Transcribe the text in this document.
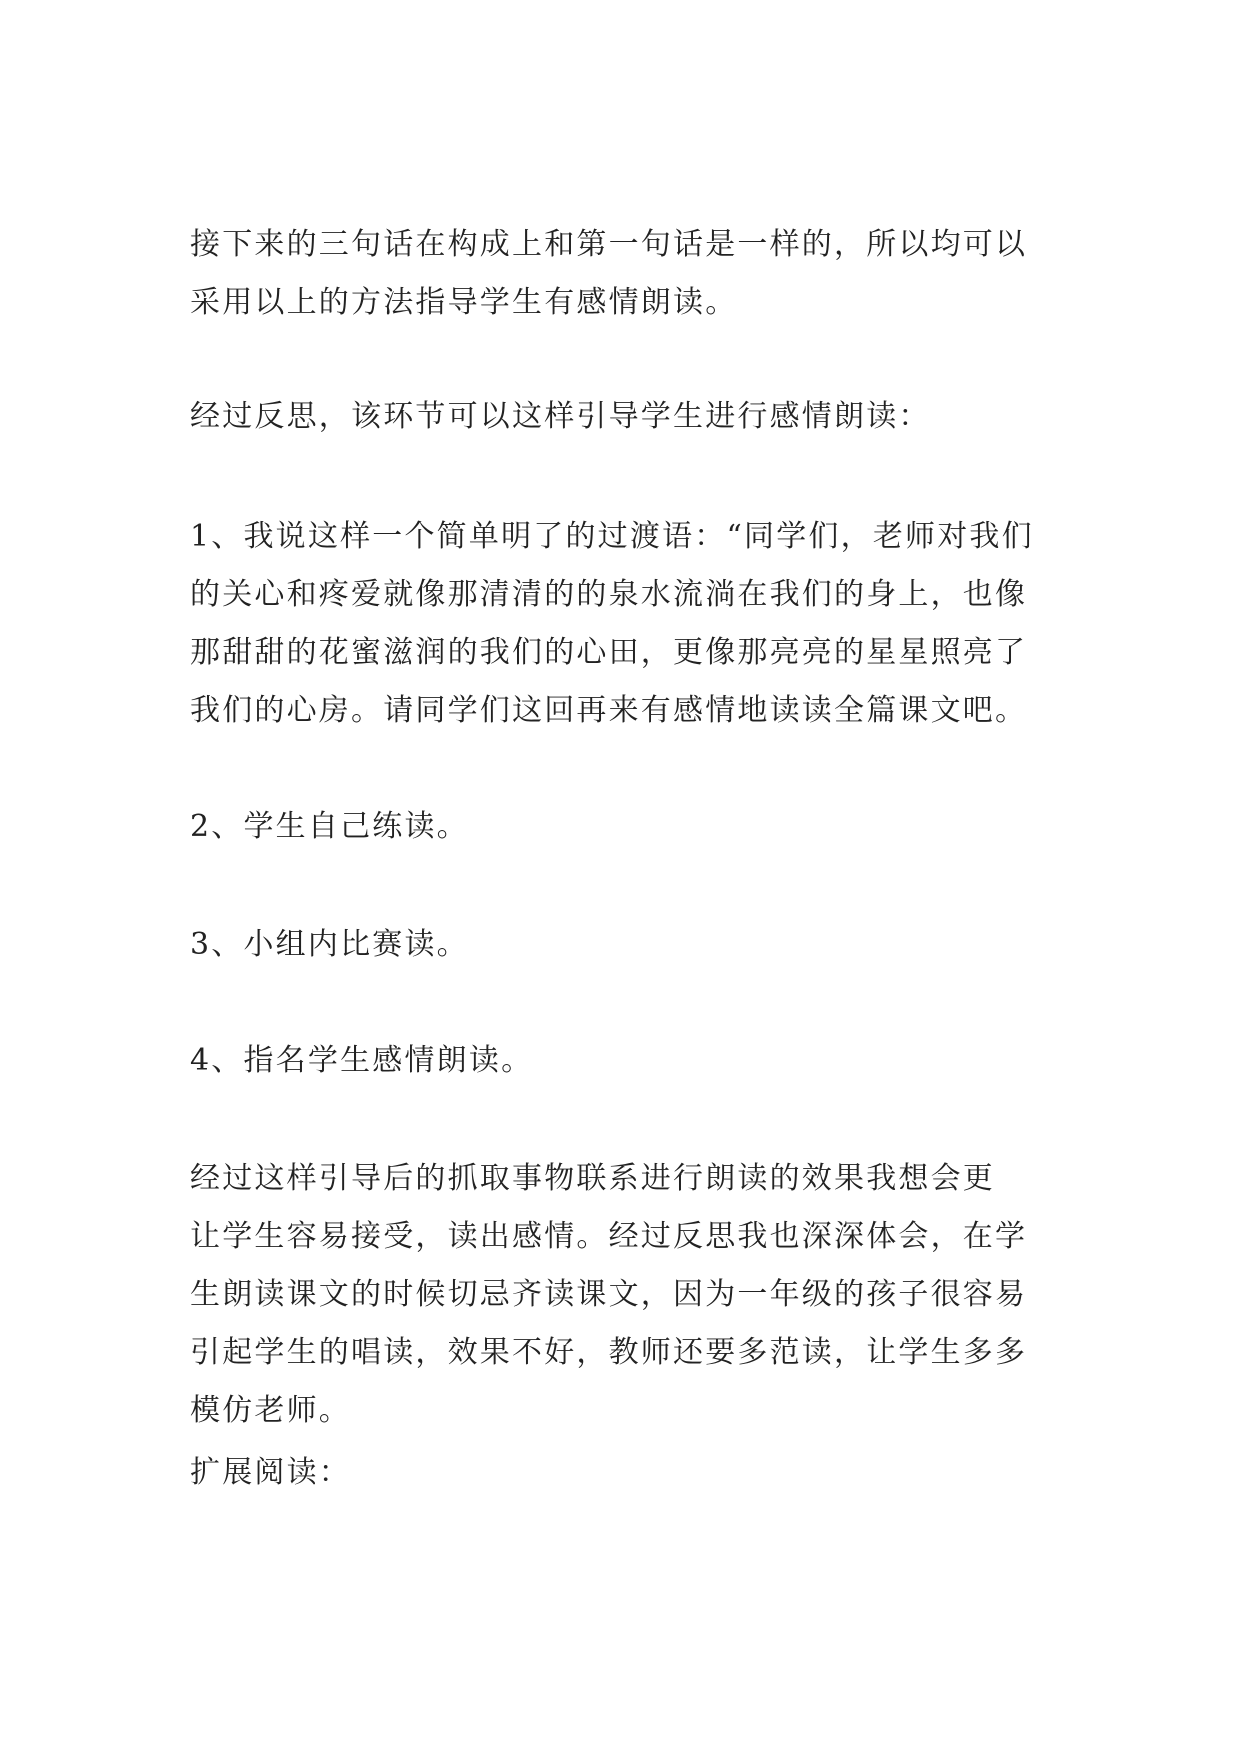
接下来的三句话在构成上和第一句话是一样的，所以均可以
采用以上的方法指导学生有感情朗读。

经过反思，该环节可以这样引导学生进行感情朗读：

1、我说这样一个简单明了的过渡语：“同学们，老师对我们
的关心和疼爱就像那清清的的泉水流淌在我们的身上，也像
那甜甜的花蜜滋润的我们的心田，更像那亮亮的星星照亮了
我们的心房。请同学们这回再来有感情地读读全篇课文吧。

2、学生自己练读。

3、小组内比赛读。

4、指名学生感情朗读。

经过这样引导后的抓取事物联系进行朗读的效果我想会更
让学生容易接受，读出感情。经过反思我也深深体会，在学
生朗读课文的时候切忌齐读课文，因为一年级的孩子很容易
引起学生的唱读，效果不好，教师还要多范读，让学生多多
模仿老师。

扩展阅读：
